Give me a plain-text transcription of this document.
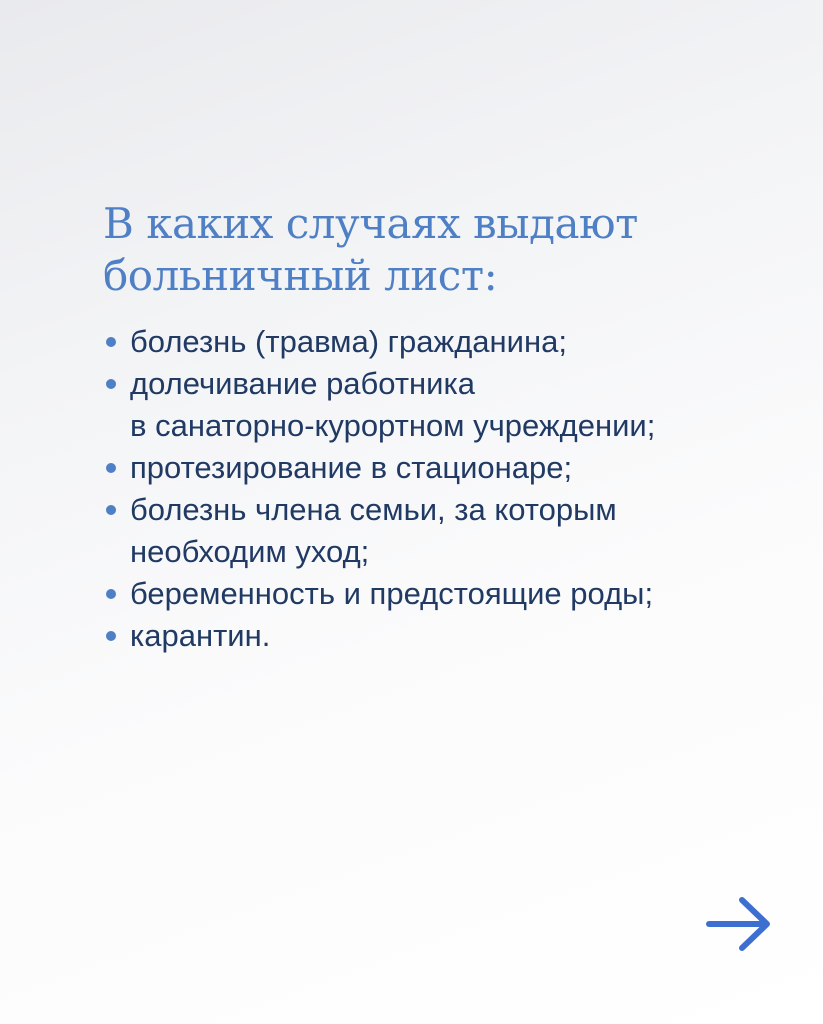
В каких случаях выдают
больничный лист:
болезнь (травма) гражданина;
долечивание работника
в санаторно-курортном учреждении;
протезирование в стационаре;
болезнь члена семьи, за которым
необходим уход;
беременность и предстоящие роды;
карантин.
